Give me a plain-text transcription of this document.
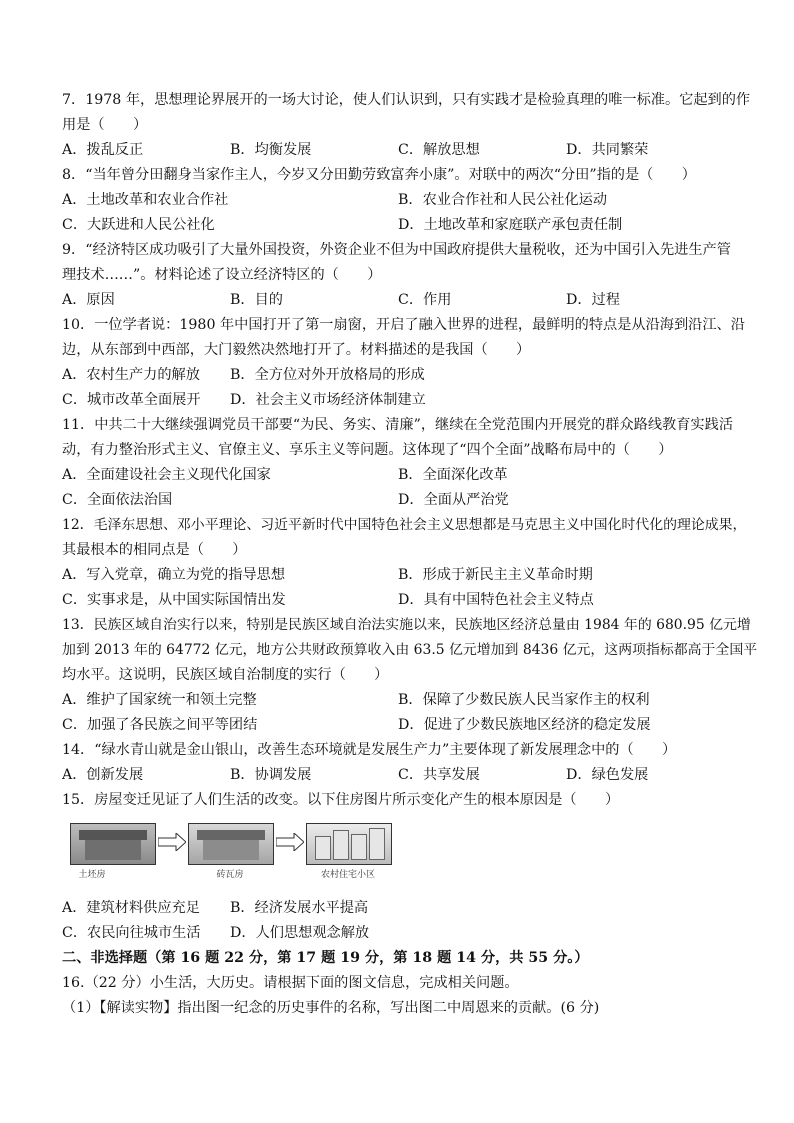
7．1978 年，思想理论界展开的一场大讨论，使人们认识到，只有实践才是检验真理的唯一标准。它起到的作
用是（　　）
A．拨乱反正	B．均衡发展	C．解放思想	D．共同繁荣
8．“当年曾分田翻身当家作主人，今岁又分田勤劳致富奔小康”。对联中的两次“分田”指的是（　　）
A．土地改革和农业合作社	B．农业合作社和人民公社化运动
C．大跃进和人民公社化	D．土地改革和家庭联产承包责任制
9．“经济特区成功吸引了大量外国投资，外资企业不但为中国政府提供大量税收，还为中国引入先进生产管
理技术……”。材料论述了设立经济特区的（　　）
A．原因	B．目的	C．作用	D．过程
10．一位学者说：1980 年中国打开了第一扇窗，开启了融入世界的进程，最鲜明的特点是从沿海到沿江、沿
边，从东部到中西部，大门毅然决然地打开了。材料描述的是我国（　　）
A．农村生产力的解放 B．全方位对外开放格局的形成
C．城市改革全面展开 D．社会主义市场经济体制建立
11．中共二十大继续强调党员干部要“为民、务实、清廉”，继续在全党范围内开展党的群众路线教育实践活
动，有力整治形式主义、官僚主义、享乐主义等问题。这体现了“四个全面”战略布局中的（　　）
A．全面建设社会主义现代化国家	B．全面深化改革
C．全面依法治国	D．全面从严治党
12．毛泽东思想、邓小平理论、习近平新时代中国特色社会主义思想都是马克思主义中国化时代化的理论成果，
其最根本的相同点是（　　）
A．写入党章，确立为党的指导思想	B．形成于新民主主义革命时期
C．实事求是，从中国实际国情出发	D．具有中国特色社会主义特点
13．民族区域自治实行以来，特别是民族区域自治法实施以来，民族地区经济总量由 1984 年的 680.95 亿元增
加到 2013 年的 64772 亿元，地方公共财政预算收入由 63.5 亿元增加到 8436 亿元，这两项指标都高于全国平
均水平。这说明，民族区域自治制度的实行（　　）
A．维护了国家统一和领土完整	B．保障了少数民族人民当家作主的权利
C．加强了各民族之间平等团结	D．促进了少数民族地区经济的稳定发展
14．“绿水青山就是金山银山，改善生态环境就是发展生产力”主要体现了新发展理念中的（　　）
A．创新发展	B．协调发展	C．共享发展	D．绿色发展
15．房屋变迁见证了人们生活的改变。以下住房图片所示变化产生的根本原因是（　　）
土坯房	砖瓦房	农村住宅小区
A．建筑材料供应充足 B．经济发展水平提高
C．农民向往城市生活 D．人们思想观念解放
二、非选择题（第 16 题 22 分，第 17 题 19 分，第 18 题 14 分，共 55 分。）
16.（22 分）小生活，大历史。请根据下面的图文信息，完成相关问题。
（1）【解读实物】指出图一纪念的历史事件的名称，写出图二中周恩来的贡献。(6 分)
